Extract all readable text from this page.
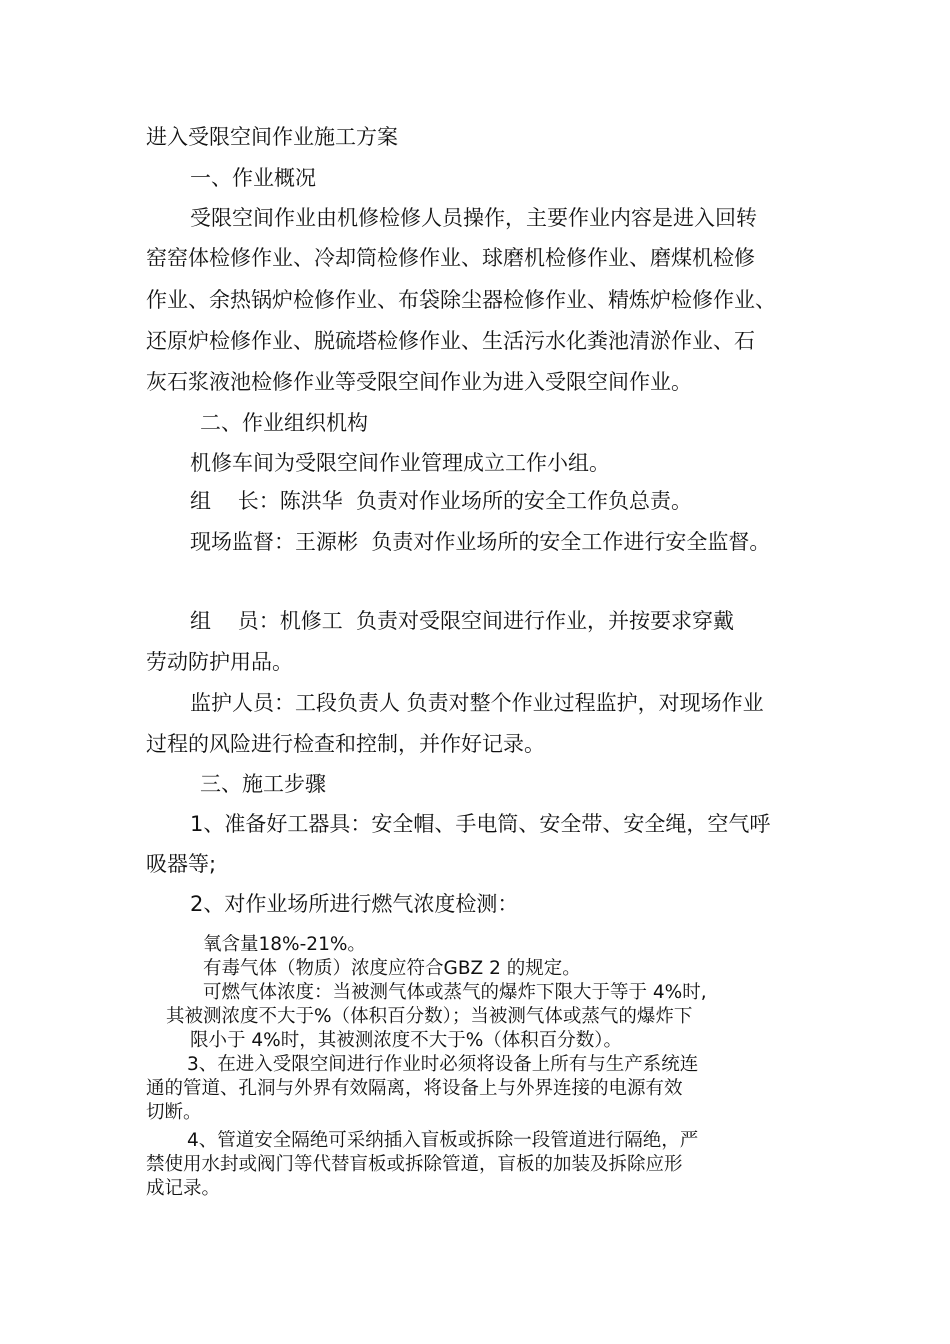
进入受限空间作业施工方案
一、作业概况
受限空间作业由机修检修人员操作，主要作业内容是进入回转
窑窑体检修作业、冷却筒检修作业、球磨机检修作业、磨煤机检修
作业、余热锅炉检修作业、布袋除尘器检修作业、精炼炉检修作业、
还原炉检修作业、脱硫塔检修作业、生活污水化粪池清淤作业、石
灰石浆液池检修作业等受限空间作业为进入受限空间作业。
二、作业组织机构
机修车间为受限空间作业管理成立工作小组。
组    长：陈洪华  负责对作业场所的安全工作负总责。
现场监督：王源彬  负责对作业场所的安全工作进行安全监督。
组    员：机修工  负责对受限空间进行作业，并按要求穿戴
劳动防护用品。
监护人员：工段负责人 负责对整个作业过程监护，对现场作业
过程的风险进行检查和控制，并作好记录。
三、施工步骤
1、准备好工器具：安全帽、手电筒、安全带、安全绳，空气呼
吸器等;
2、对作业场所进行燃气浓度检测：
氧含量18%-21%。
有毒气体（物质）浓度应符合GBZ 2 的规定。
可燃气体浓度：当被测气体或蒸气的爆炸下限大于等于 4%时,
其被测浓度不大于%（体积百分数）；当被测气体或蒸气的爆炸下
限小于 4%时，其被测浓度不大于%（体积百分数）。
3、在进入受限空间进行作业时必须将设备上所有与生产系统连
通的管道、孔洞与外界有效隔离，将设备上与外界连接的电源有效
切断。
4、管道安全隔绝可采纳插入盲板或拆除一段管道进行隔绝，严
禁使用水封或阀门等代替盲板或拆除管道，盲板的加装及拆除应形
成记录。
